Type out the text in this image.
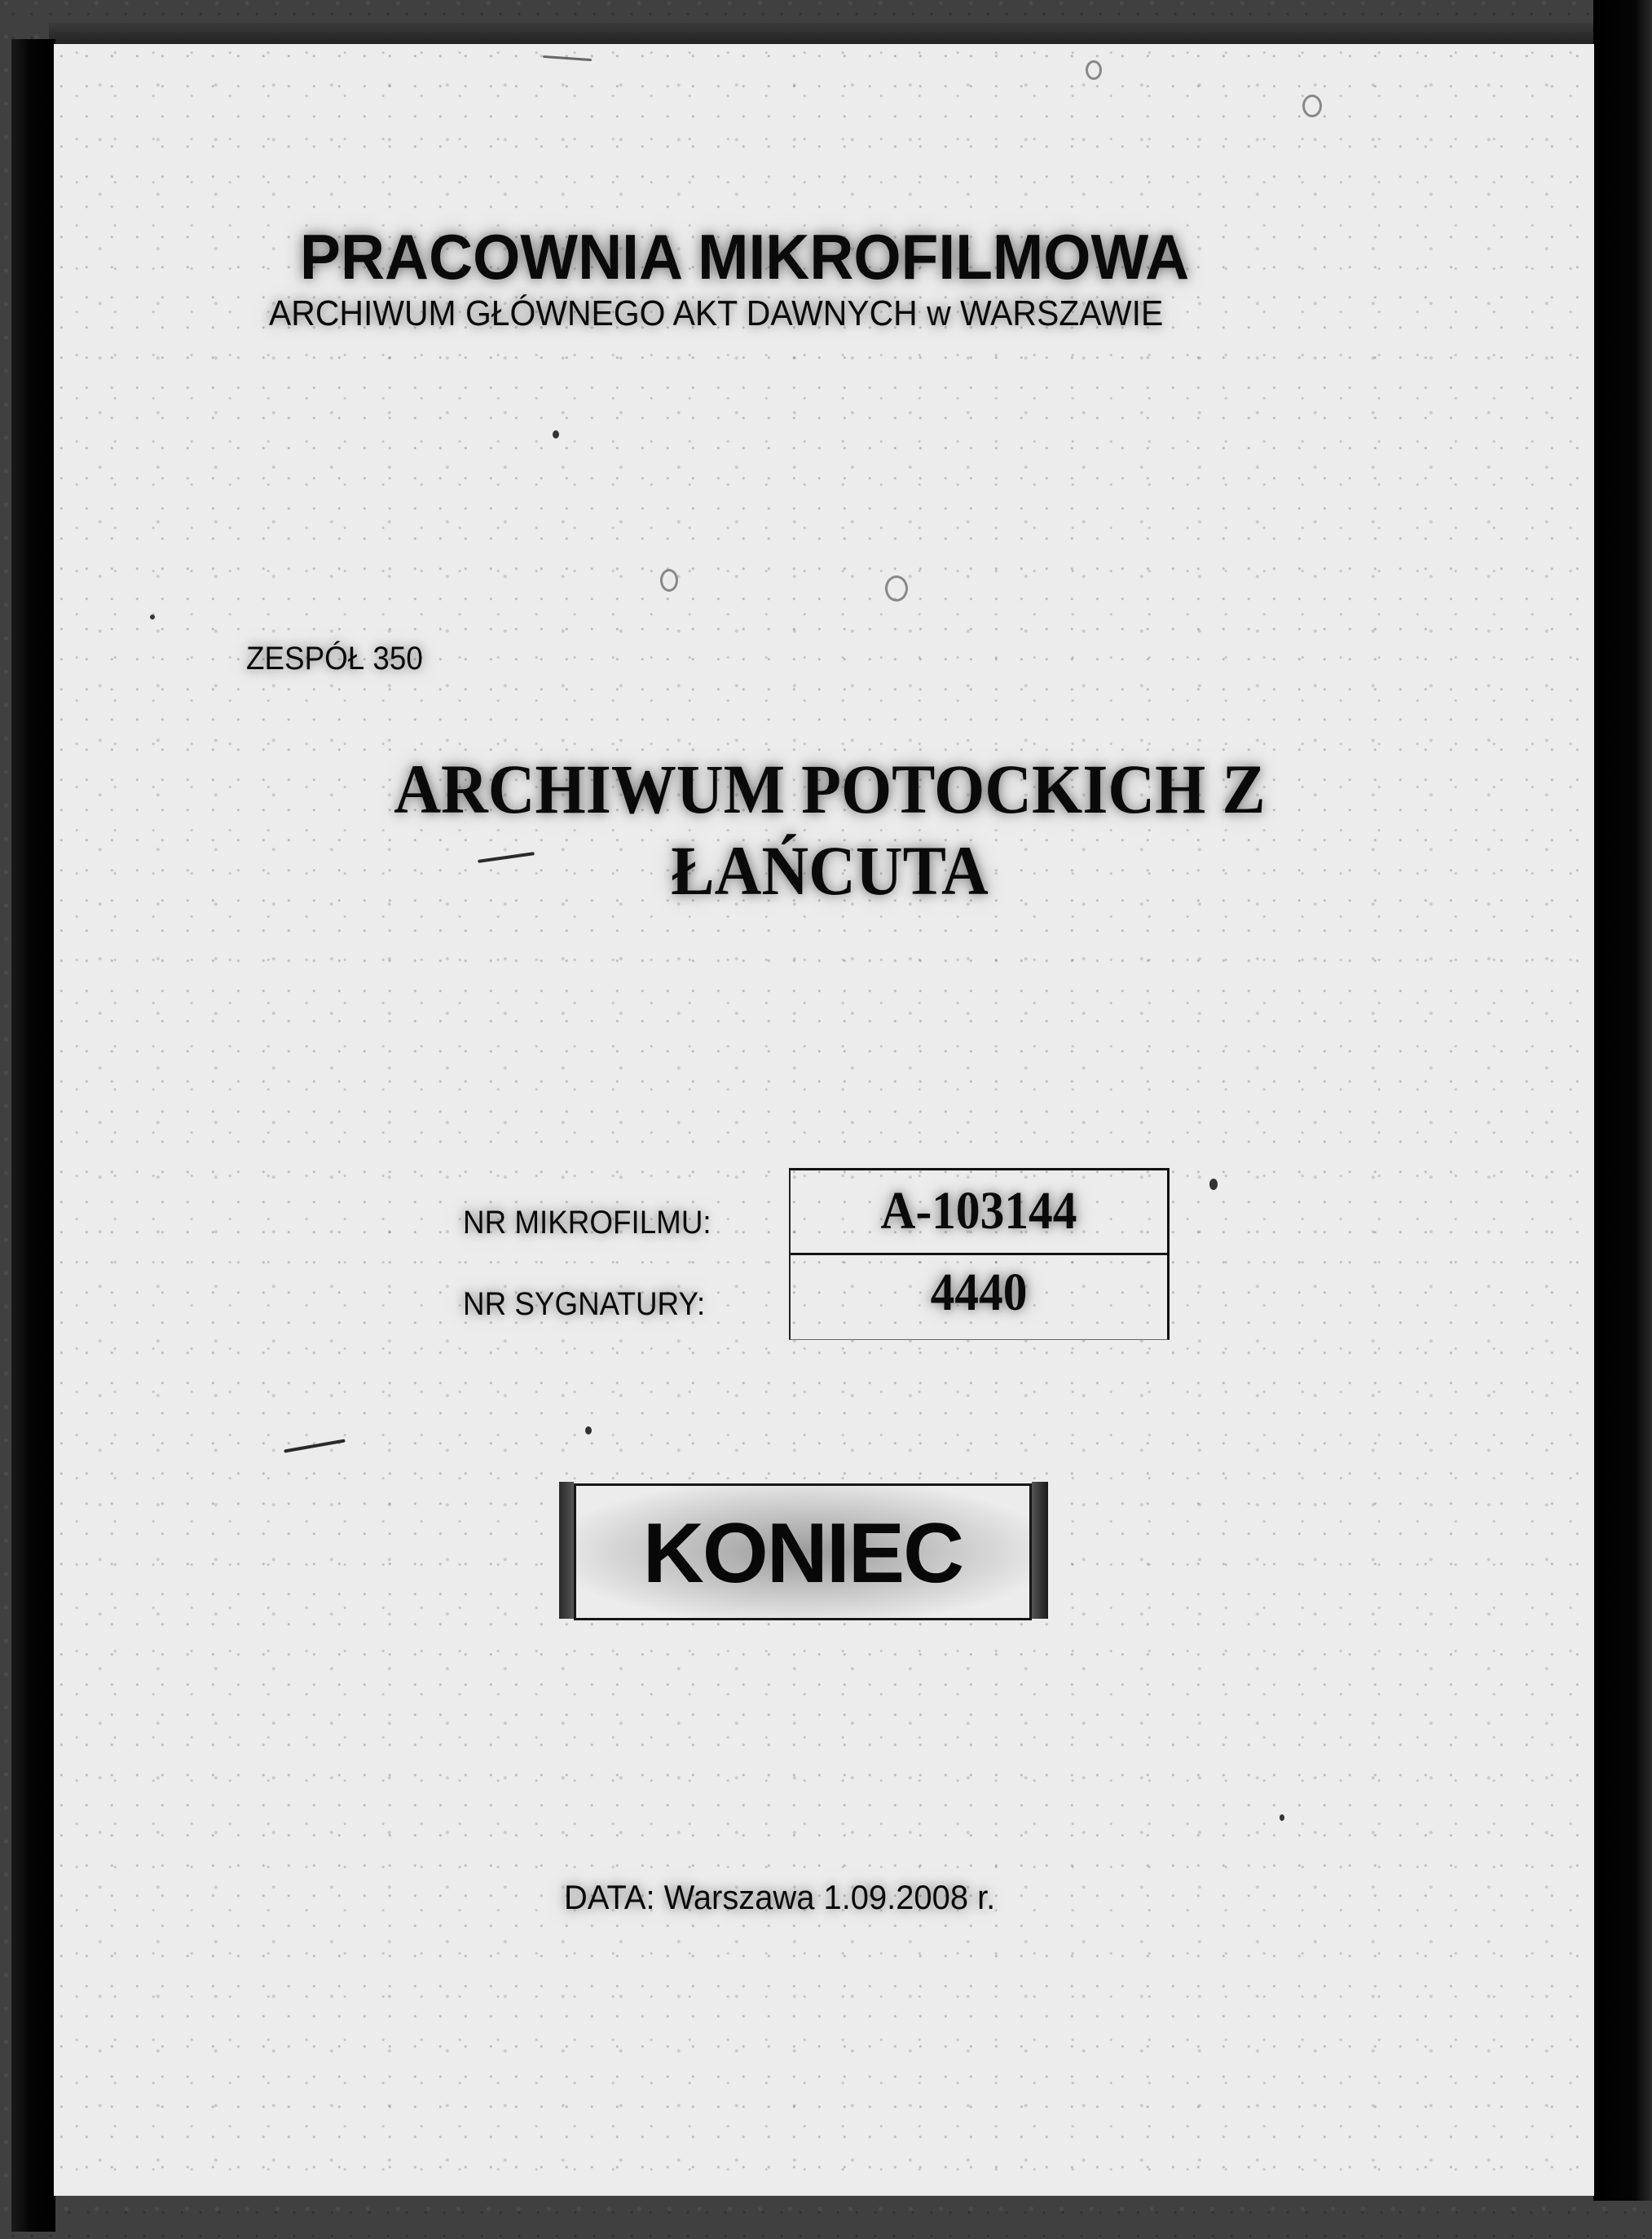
PRACOWNIA MIKROFILMOWA
ARCHIWUM GŁÓWNEGO AKT DAWNYCH w WARSZAWIE
ZESPÓŁ 350
ARCHIWUM POTOCKICH Z
ŁAŃCUTA
NR MIKROFILMU:
NR SYGNATURY:
A-103144
4440
KONIEC
DATA: Warszawa 1.09.2008 r.
